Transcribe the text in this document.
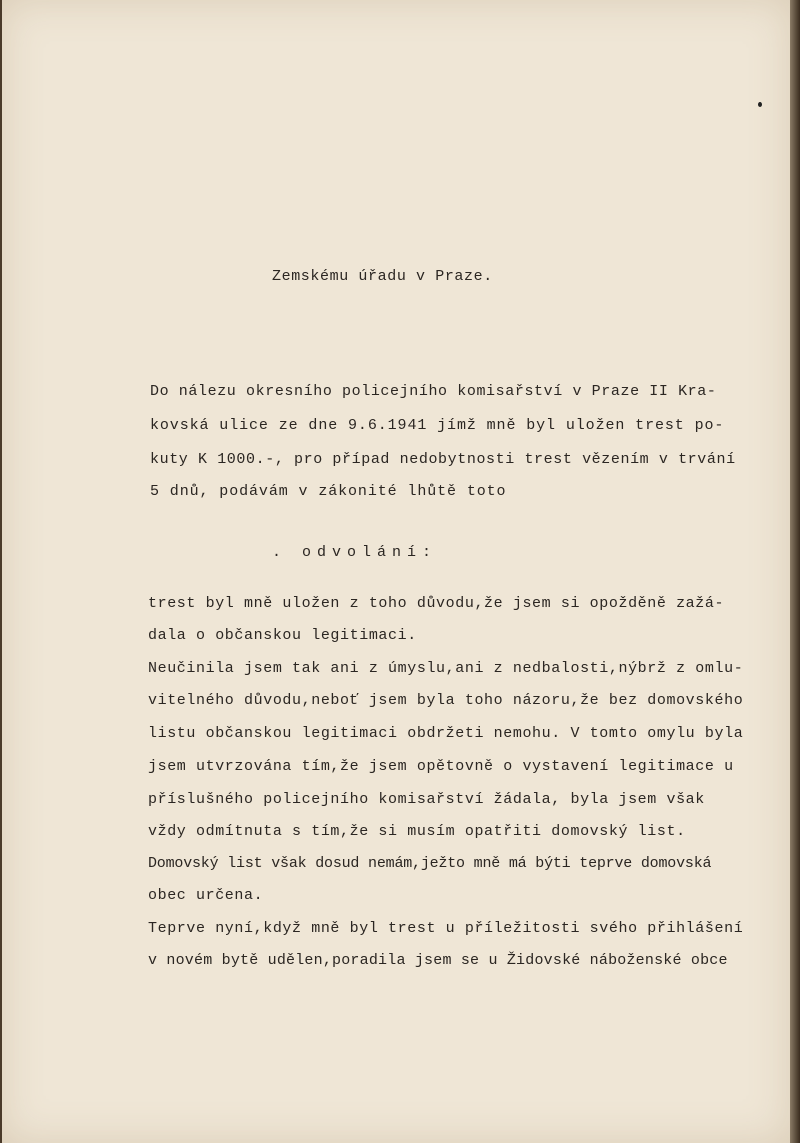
Zemskému úřadu v Praze.
Do nálezu okresního policejního komisařství v Praze II Kra-
kovská ulice ze dne 9.6.1941 jímž mně byl uložen trest po-
kuty K 1000.-, pro případ nedobytnosti trest vězením v trvání
5 dnů, podávám v zákonité lhůtě toto
. odvolání:
trest byl mně uložen z toho důvodu,že jsem si opožděně zažá-
dala o občanskou legitimaci.
Neučinila jsem tak ani z úmyslu,ani z nedbalosti,nýbrž z omlu-
vitelného důvodu,neboť jsem byla toho názoru,že bez domovského
listu občanskou legitimaci obdržeti nemohu. V tomto omylu byla
jsem utvrzována tím,že jsem opětovně o vystavení legitimace u
příslušného policejního komisařství žádala, byla jsem však
vždy odmítnuta s tím,že si musím opatřiti domovský list.
Domovský list však dosud nemám,ježto mně má býti teprve domovská
obec určena.
Teprve nyní,když mně byl trest u příležitosti svého přihlášení
v novém bytě udělen,poradila jsem se u Židovské náboženské obce
